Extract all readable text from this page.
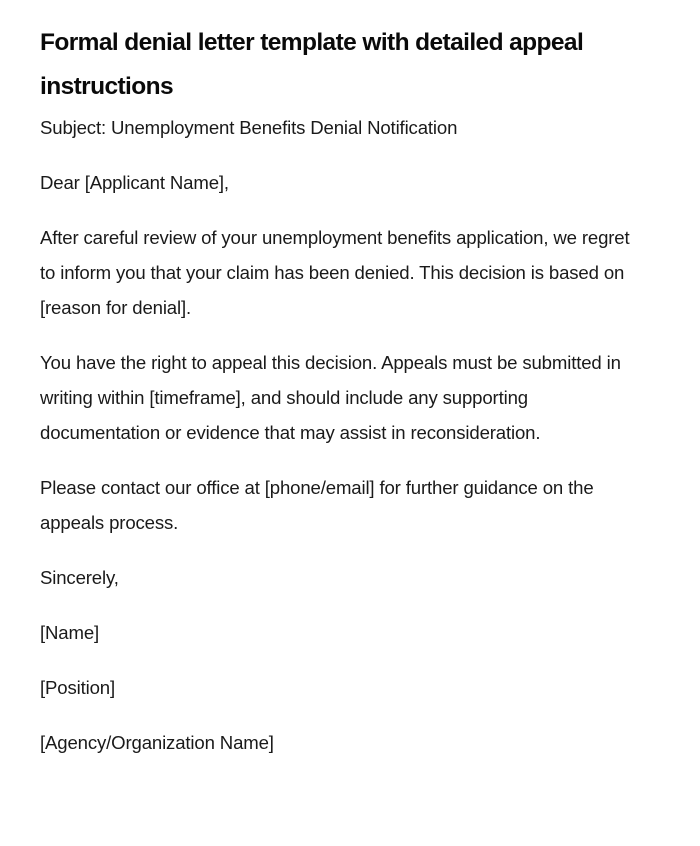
Formal denial letter template with detailed appeal instructions

Subject: Unemployment Benefits Denial Notification

Dear [Applicant Name],

After careful review of your unemployment benefits application, we regret to inform you that your claim has been denied. This decision is based on [reason for denial].

You have the right to appeal this decision. Appeals must be submitted in writing within [timeframe], and should include any supporting documentation or evidence that may assist in reconsideration.

Please contact our office at [phone/email] for further guidance on the appeals process.

Sincerely,

[Name]

[Position]

[Agency/Organization Name]
